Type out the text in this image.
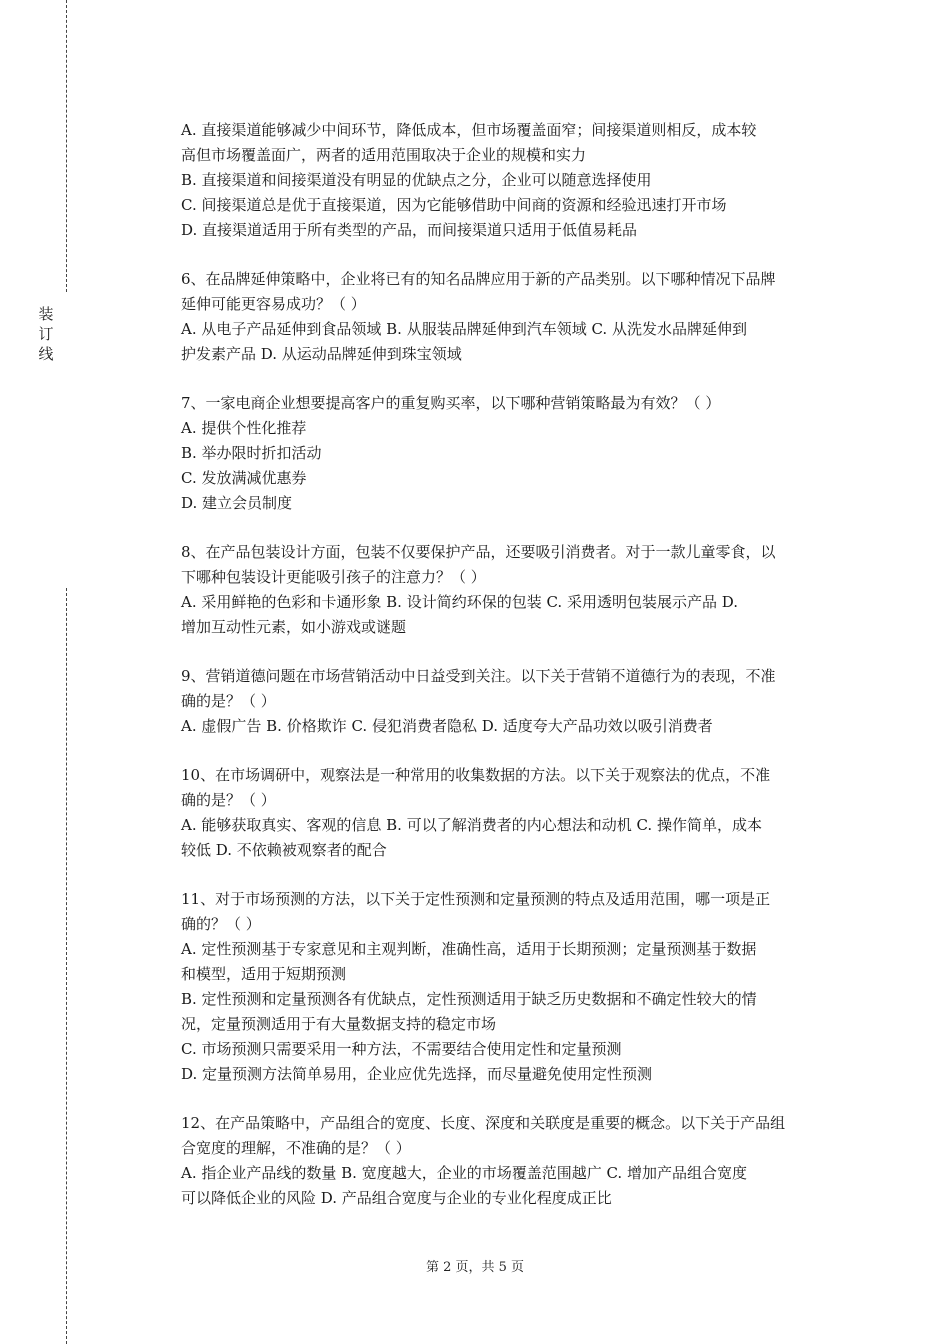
装
订
线
A. 直接渠道能够减少中间环节，降低成本，但市场覆盖面窄；间接渠道则相反，成本较
高但市场覆盖面广，两者的适用范围取决于企业的规模和实力
B. 直接渠道和间接渠道没有明显的优缺点之分，企业可以随意选择使用
C. 间接渠道总是优于直接渠道，因为它能够借助中间商的资源和经验迅速打开市场
D. 直接渠道适用于所有类型的产品，而间接渠道只适用于低值易耗品
6、在品牌延伸策略中，企业将已有的知名品牌应用于新的产品类别。以下哪种情况下品牌
延伸可能更容易成功？（ ）
A. 从电子产品延伸到食品领域 B. 从服装品牌延伸到汽车领域 C. 从洗发水品牌延伸到
护发素产品 D. 从运动品牌延伸到珠宝领域
7、一家电商企业想要提高客户的重复购买率，以下哪种营销策略最为有效？（ ）
A. 提供个性化推荐
B. 举办限时折扣活动
C. 发放满减优惠券
D. 建立会员制度
8、在产品包装设计方面，包装不仅要保护产品，还要吸引消费者。对于一款儿童零食，以
下哪种包装设计更能吸引孩子的注意力？（ ）
A. 采用鲜艳的色彩和卡通形象 B. 设计简约环保的包装 C. 采用透明包装展示产品 D.
增加互动性元素，如小游戏或谜题
9、营销道德问题在市场营销活动中日益受到关注。以下关于营销不道德行为的表现，不准
确的是？（ ）
A. 虚假广告 B. 价格欺诈 C. 侵犯消费者隐私 D. 适度夸大产品功效以吸引消费者
10、在市场调研中，观察法是一种常用的收集数据的方法。以下关于观察法的优点，不准
确的是？（ ）
A. 能够获取真实、客观的信息 B. 可以了解消费者的内心想法和动机 C. 操作简单，成本
较低 D. 不依赖被观察者的配合
11、对于市场预测的方法，以下关于定性预测和定量预测的特点及适用范围，哪一项是正
确的？（ ）
A. 定性预测基于专家意见和主观判断，准确性高，适用于长期预测；定量预测基于数据
和模型，适用于短期预测
B. 定性预测和定量预测各有优缺点，定性预测适用于缺乏历史数据和不确定性较大的情
况，定量预测适用于有大量数据支持的稳定市场
C. 市场预测只需要采用一种方法，不需要结合使用定性和定量预测
D. 定量预测方法简单易用，企业应优先选择，而尽量避免使用定性预测
12、在产品策略中，产品组合的宽度、长度、深度和关联度是重要的概念。以下关于产品组
合宽度的理解，不准确的是？（ ）
A. 指企业产品线的数量 B. 宽度越大，企业的市场覆盖范围越广 C. 增加产品组合宽度
可以降低企业的风险 D. 产品组合宽度与企业的专业化程度成正比
第 2 页，共 5 页
